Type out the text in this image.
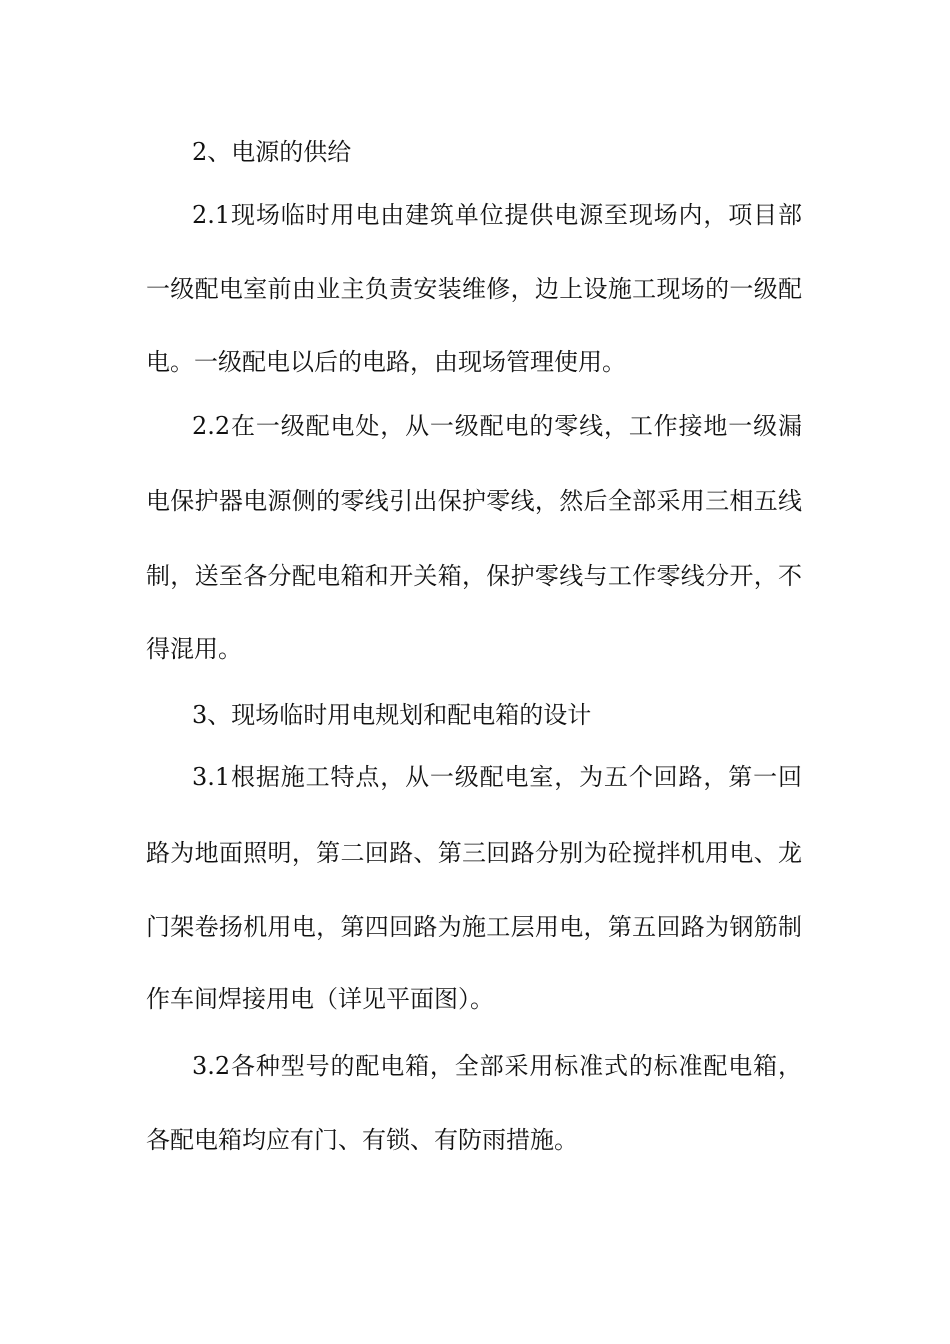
2、电源的供给
2.1现场临时用电由建筑单位提供电源至现场内，项目部
一级配电室前由业主负责安装维修，边上设施工现场的一级配
电。一级配电以后的电路，由现场管理使用。
2.2在一级配电处，从一级配电的零线，工作接地一级漏
电保护器电源侧的零线引出保护零线，然后全部采用三相五线
制，送至各分配电箱和开关箱，保护零线与工作零线分开，不
得混用。
3、现场临时用电规划和配电箱的设计
3.1根据施工特点，从一级配电室，为五个回路，第一回
路为地面照明，第二回路、第三回路分别为砼搅拌机用电、龙
门架卷扬机用电，第四回路为施工层用电，第五回路为钢筋制
作车间焊接用电（详见平面图）。
3.2各种型号的配电箱，全部采用标准式的标准配电箱，
各配电箱均应有门、有锁、有防雨措施。
